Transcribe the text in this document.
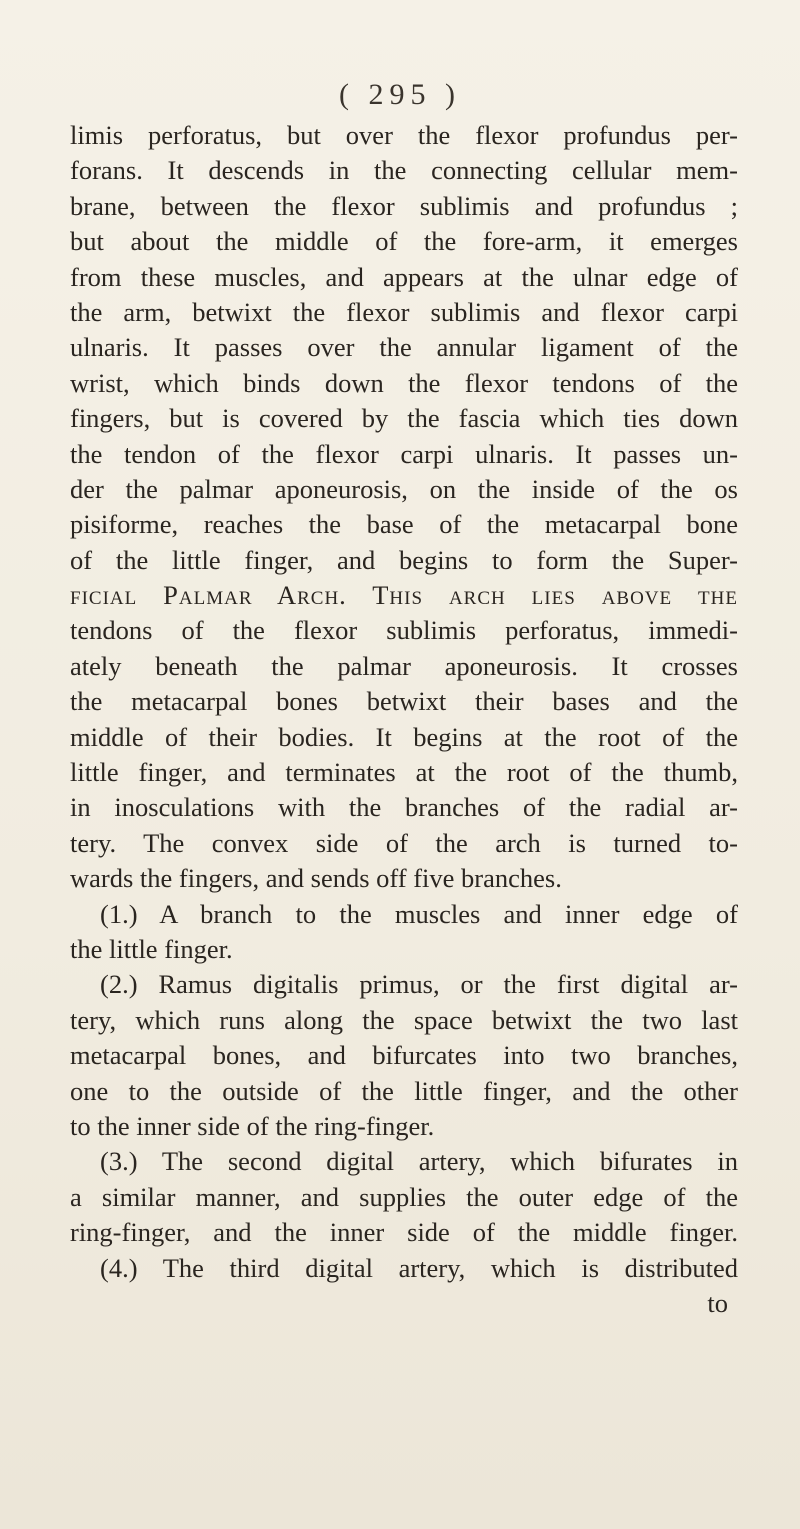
( 295 )
limis perforatus, but over the flexor profundus per-
forans. It descends in the connecting cellular mem-
brane, between the flexor sublimis and profundus ;
but about the middle of the fore-arm, it emerges
from these muscles, and appears at the ulnar edge of
the arm, betwixt the flexor sublimis and flexor carpi
ulnaris. It passes over the annular ligament of the
wrist, which binds down the flexor tendons of the
fingers, but is covered by the fascia which ties down
the tendon of the flexor carpi ulnaris. It passes un-
der the palmar aponeurosis, on the inside of the os
pisiforme, reaches the base of the metacarpal bone
of the little finger, and begins to form the Super-
ficial Palmar Arch. This arch lies above the
tendons of the flexor sublimis perforatus, immedi-
ately beneath the palmar aponeurosis. It crosses
the metacarpal bones betwixt their bases and the
middle of their bodies. It begins at the root of the
little finger, and terminates at the root of the thumb,
in inosculations with the branches of the radial ar-
tery. The convex side of the arch is turned to-
wards the fingers, and sends off five branches.
(1.) A branch to the muscles and inner edge of
the little finger.
(2.) Ramus digitalis primus, or the first digital ar-
tery, which runs along the space betwixt the two last
metacarpal bones, and bifurcates into two branches,
one to the outside of the little finger, and the other
to the inner side of the ring-finger.
(3.) The second digital artery, which bifurates in
a similar manner, and supplies the outer edge of the
ring-finger, and the inner side of the middle finger.
(4.) The third digital artery, which is distributed
to
